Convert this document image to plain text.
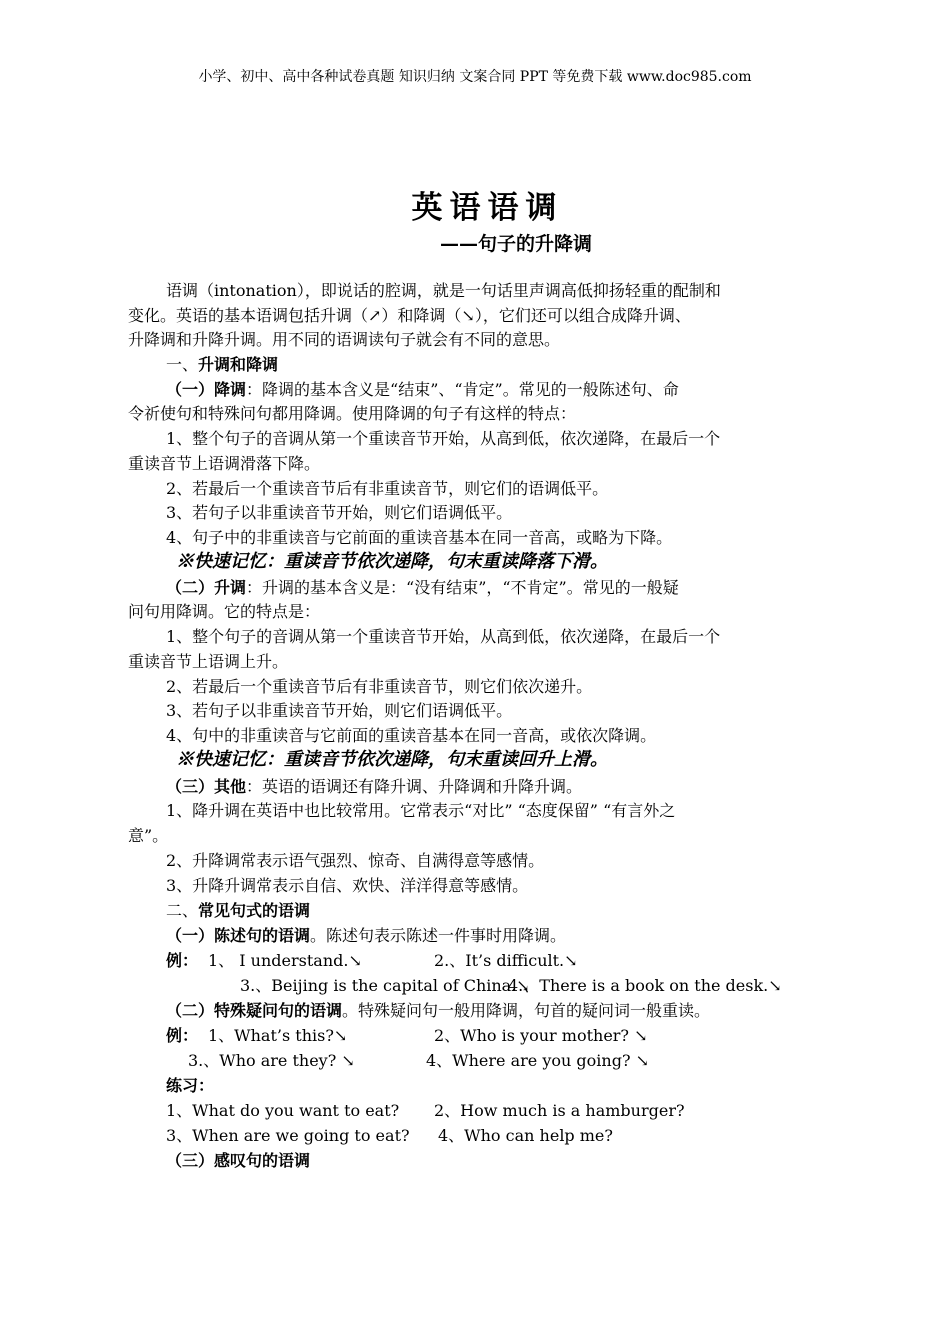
小学、初中、高中各种试卷真题 知识归纳 文案合同 PPT 等免费下载 www.doc985.com
英语语调
——句子的升降调
语调（intonation），即说话的腔调，就是一句话里声调高低抑扬轻重的配制和
变化。英语的基本语调包括升调（↗）和降调（↘），它们还可以组合成降升调、
升降调和升降升调。用不同的语调读句子就会有不同的意思。
一、升调和降调
（一）降调：降调的基本含义是“结束”、“肯定”。常见的一般陈述句、命
令祈使句和特殊问句都用降调。使用降调的句子有这样的特点：
1、整个句子的音调从第一个重读音节开始，从高到低，依次递降，在最后一个
重读音节上语调滑落下降。
2、若最后一个重读音节后有非重读音节，则它们的语调低平。
3、若句子以非重读音节开始，则它们语调低平。
4、句子中的非重读音与它前面的重读音基本在同一音高，或略为下降。
※快速记忆：重读音节依次递降，句末重读降落下滑。
（二）升调：升调的基本含义是：“没有结束”，“不肯定”。常见的一般疑
问句用降调。它的特点是：
1、整个句子的音调从第一个重读音节开始，从高到低，依次递降，在最后一个
重读音节上语调上升。
2、若最后一个重读音节后有非重读音节，则它们依次递升。
3、若句子以非重读音节开始，则它们语调低平。
4、句中的非重读音与它前面的重读音基本在同一音高，或依次降调。
※快速记忆：重读音节依次递降，句末重读回升上滑。
（三）其他：英语的语调还有降升调、升降调和升降升调。
1、降升调在英语中也比较常用。它常表示“对比” “态度保留” “有言外之
意”。
2、升降调常表示语气强烈、惊奇、自满得意等感情。
3、升降升调常表示自信、欢快、洋洋得意等感情。
二、常见句式的语调
（一）陈述句的语调。陈述句表示陈述一件事时用降调。
例： 1、 I understand.↘	2.、It’s difficult.↘
3.、Beijing is the capital of China.↘
4.、There is a book on the desk.↘
（二）特殊疑问句的语调。特殊疑问句一般用降调，句首的疑问词一般重读。
例： 1、What’s this?↘	2、Who is your mother? ↘
3.、Who are they? ↘	4、Where are you going? ↘
练习：
1、What do you want to eat? 2、How much is a hamburger?
3、When are we going to eat? 4、Who can help me?
（三）感叹句的语调
